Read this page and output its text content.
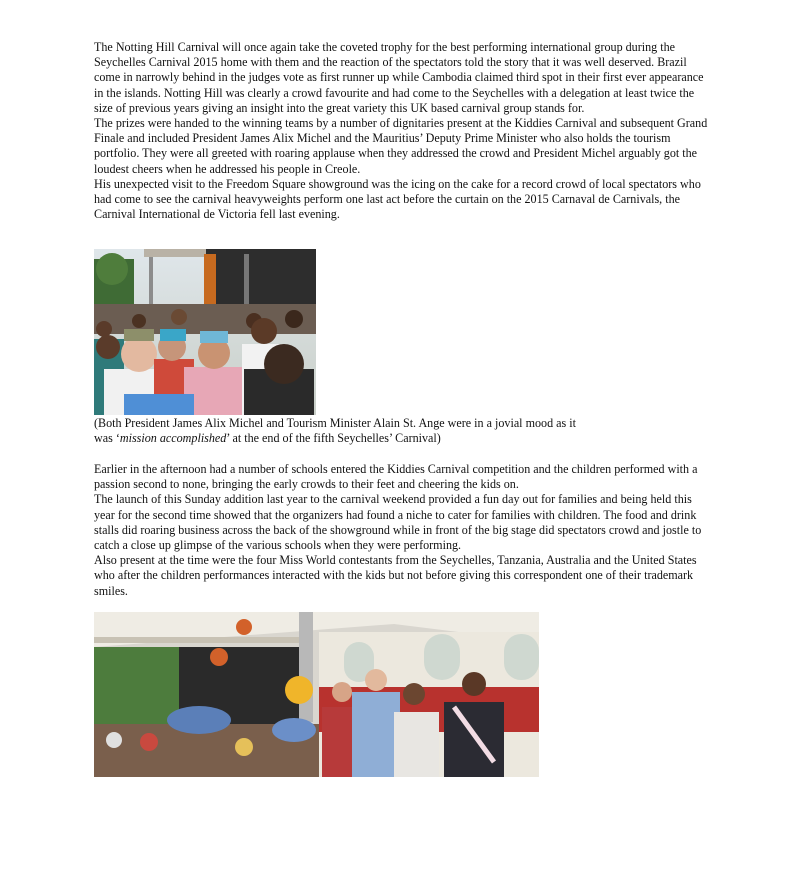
The Notting Hill Carnival will once again take the coveted trophy for the best performing international group during the Seychelles Carnival 2015 home with them and the reaction of the spectators told the story that it was well deserved. Brazil come in narrowly behind in the judges vote as first runner up while Cambodia claimed third spot in their first ever appearance in the islands. Notting Hill was clearly a crowd favourite and had come to the Seychelles with a delegation at least twice the size of previous years giving an insight into the great variety this UK based carnival group stands for.

The prizes were handed to the winning teams by a number of dignitaries present at the Kiddies Carnival and subsequent Grand Finale and included President James Alix Michel and the Mauritius’ Deputy Prime Minister who also holds the tourism portfolio. They were all greeted with roaring applause when they addressed the crowd and President Michel arguably got the loudest cheers when he addressed his people in Creole.

His unexpected visit to the Freedom Square showground was the icing on the cake for a record crowd of local spectators who had come to see the carnival heavyweights perform one last act before the curtain on the 2015 Carnaval de Carnivals, the Carnival International de Victoria fell last evening.

(Both President James Alix Michel and Tourism Minister Alain St. Ange were in a jovial mood as it was ‘mission accomplished’ at the end of the fifth Seychelles’ Carnival)

Earlier in the afternoon had a number of schools entered the Kiddies Carnival competition and the children performed with a passion second to none, bringing the early crowds to their feet and cheering the kids on.

The launch of this Sunday addition last year to the carnival weekend provided a fun day out for families and being held this year for the second time showed that the organizers had found a niche to cater for families with children. The food and drink stalls did roaring business across the back of the showground while in front of the big stage did spectators crowd and jostle to catch a close up glimpse of the various schools when they were performing.

Also present at the time were the four Miss World contestants from the Seychelles, Tanzania, Australia and the United States who after the children performances interacted with the kids but not before giving this correspondent one of their trademark smiles.
